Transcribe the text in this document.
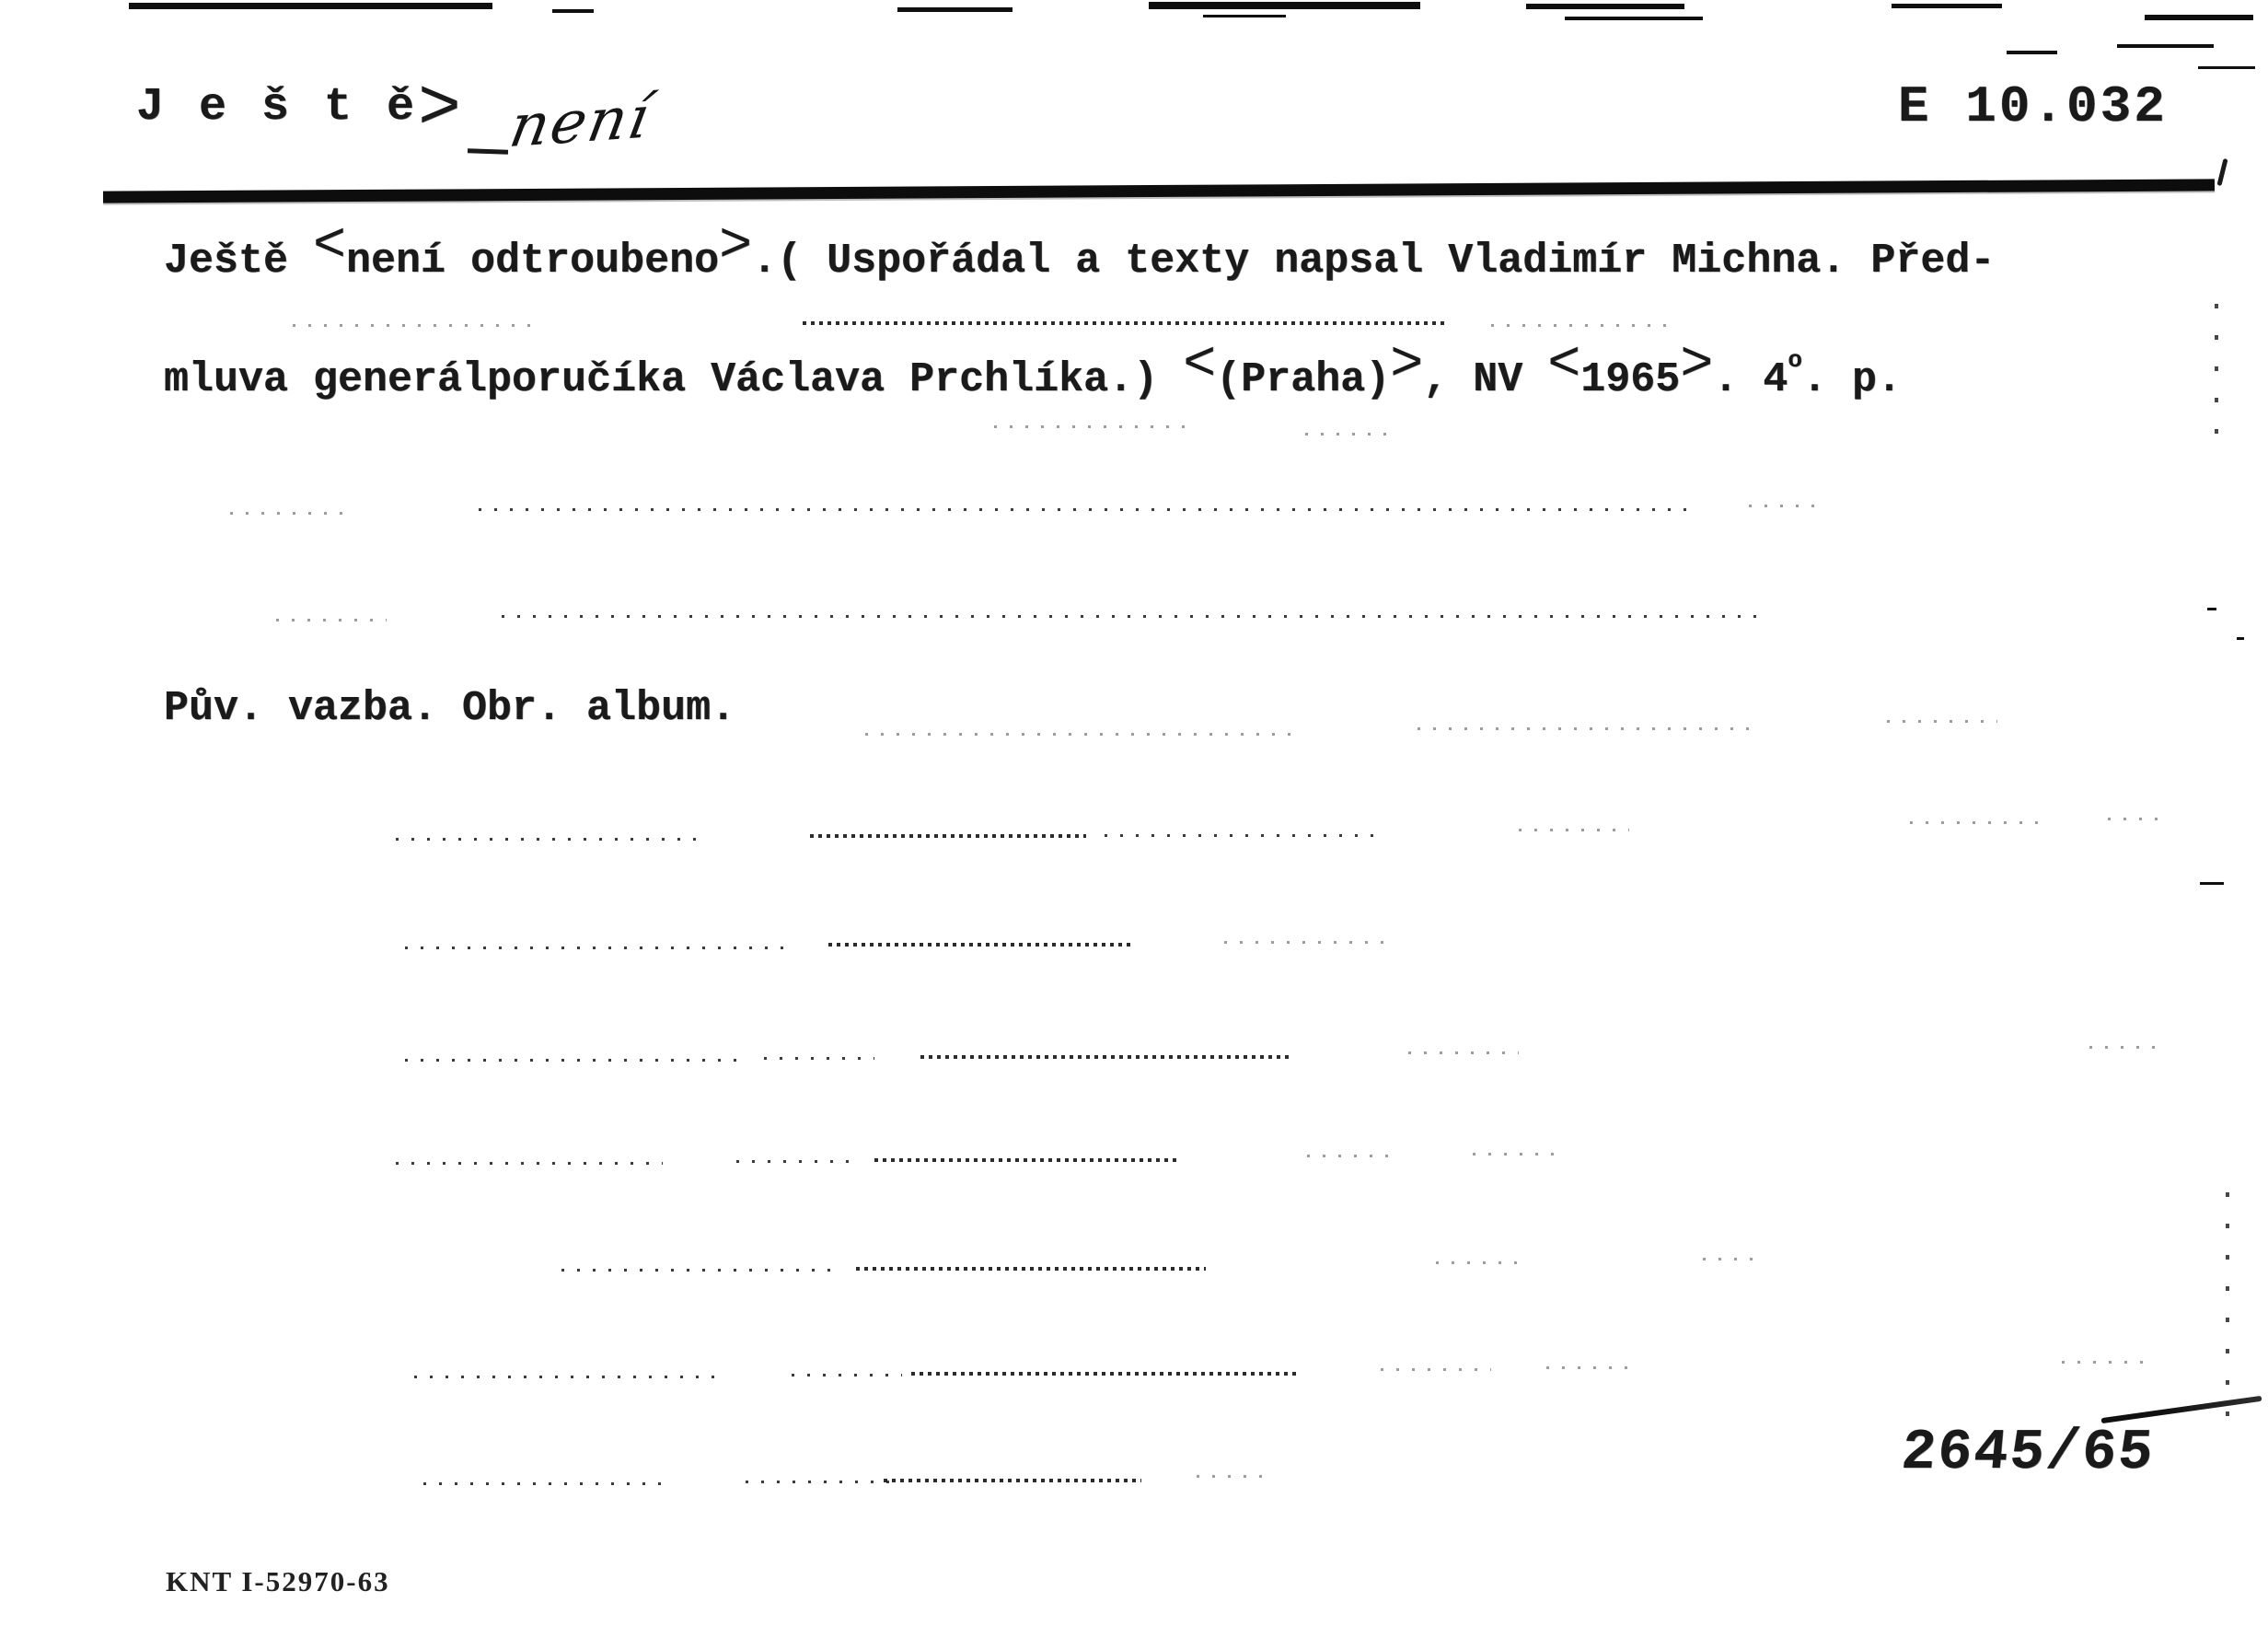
J e š t ě> není	E 10.032
Ještě <není odtroubeno>.( Uspořádal a texty napsal Vladimír Michna. Před-
mluva generálporučíka Václava Prchlíka.) <(Praha)>, NV <1965>. 4$^o$. p.
Pův. vazba. Obr. album.
2645/65
KNT I-52970-63
